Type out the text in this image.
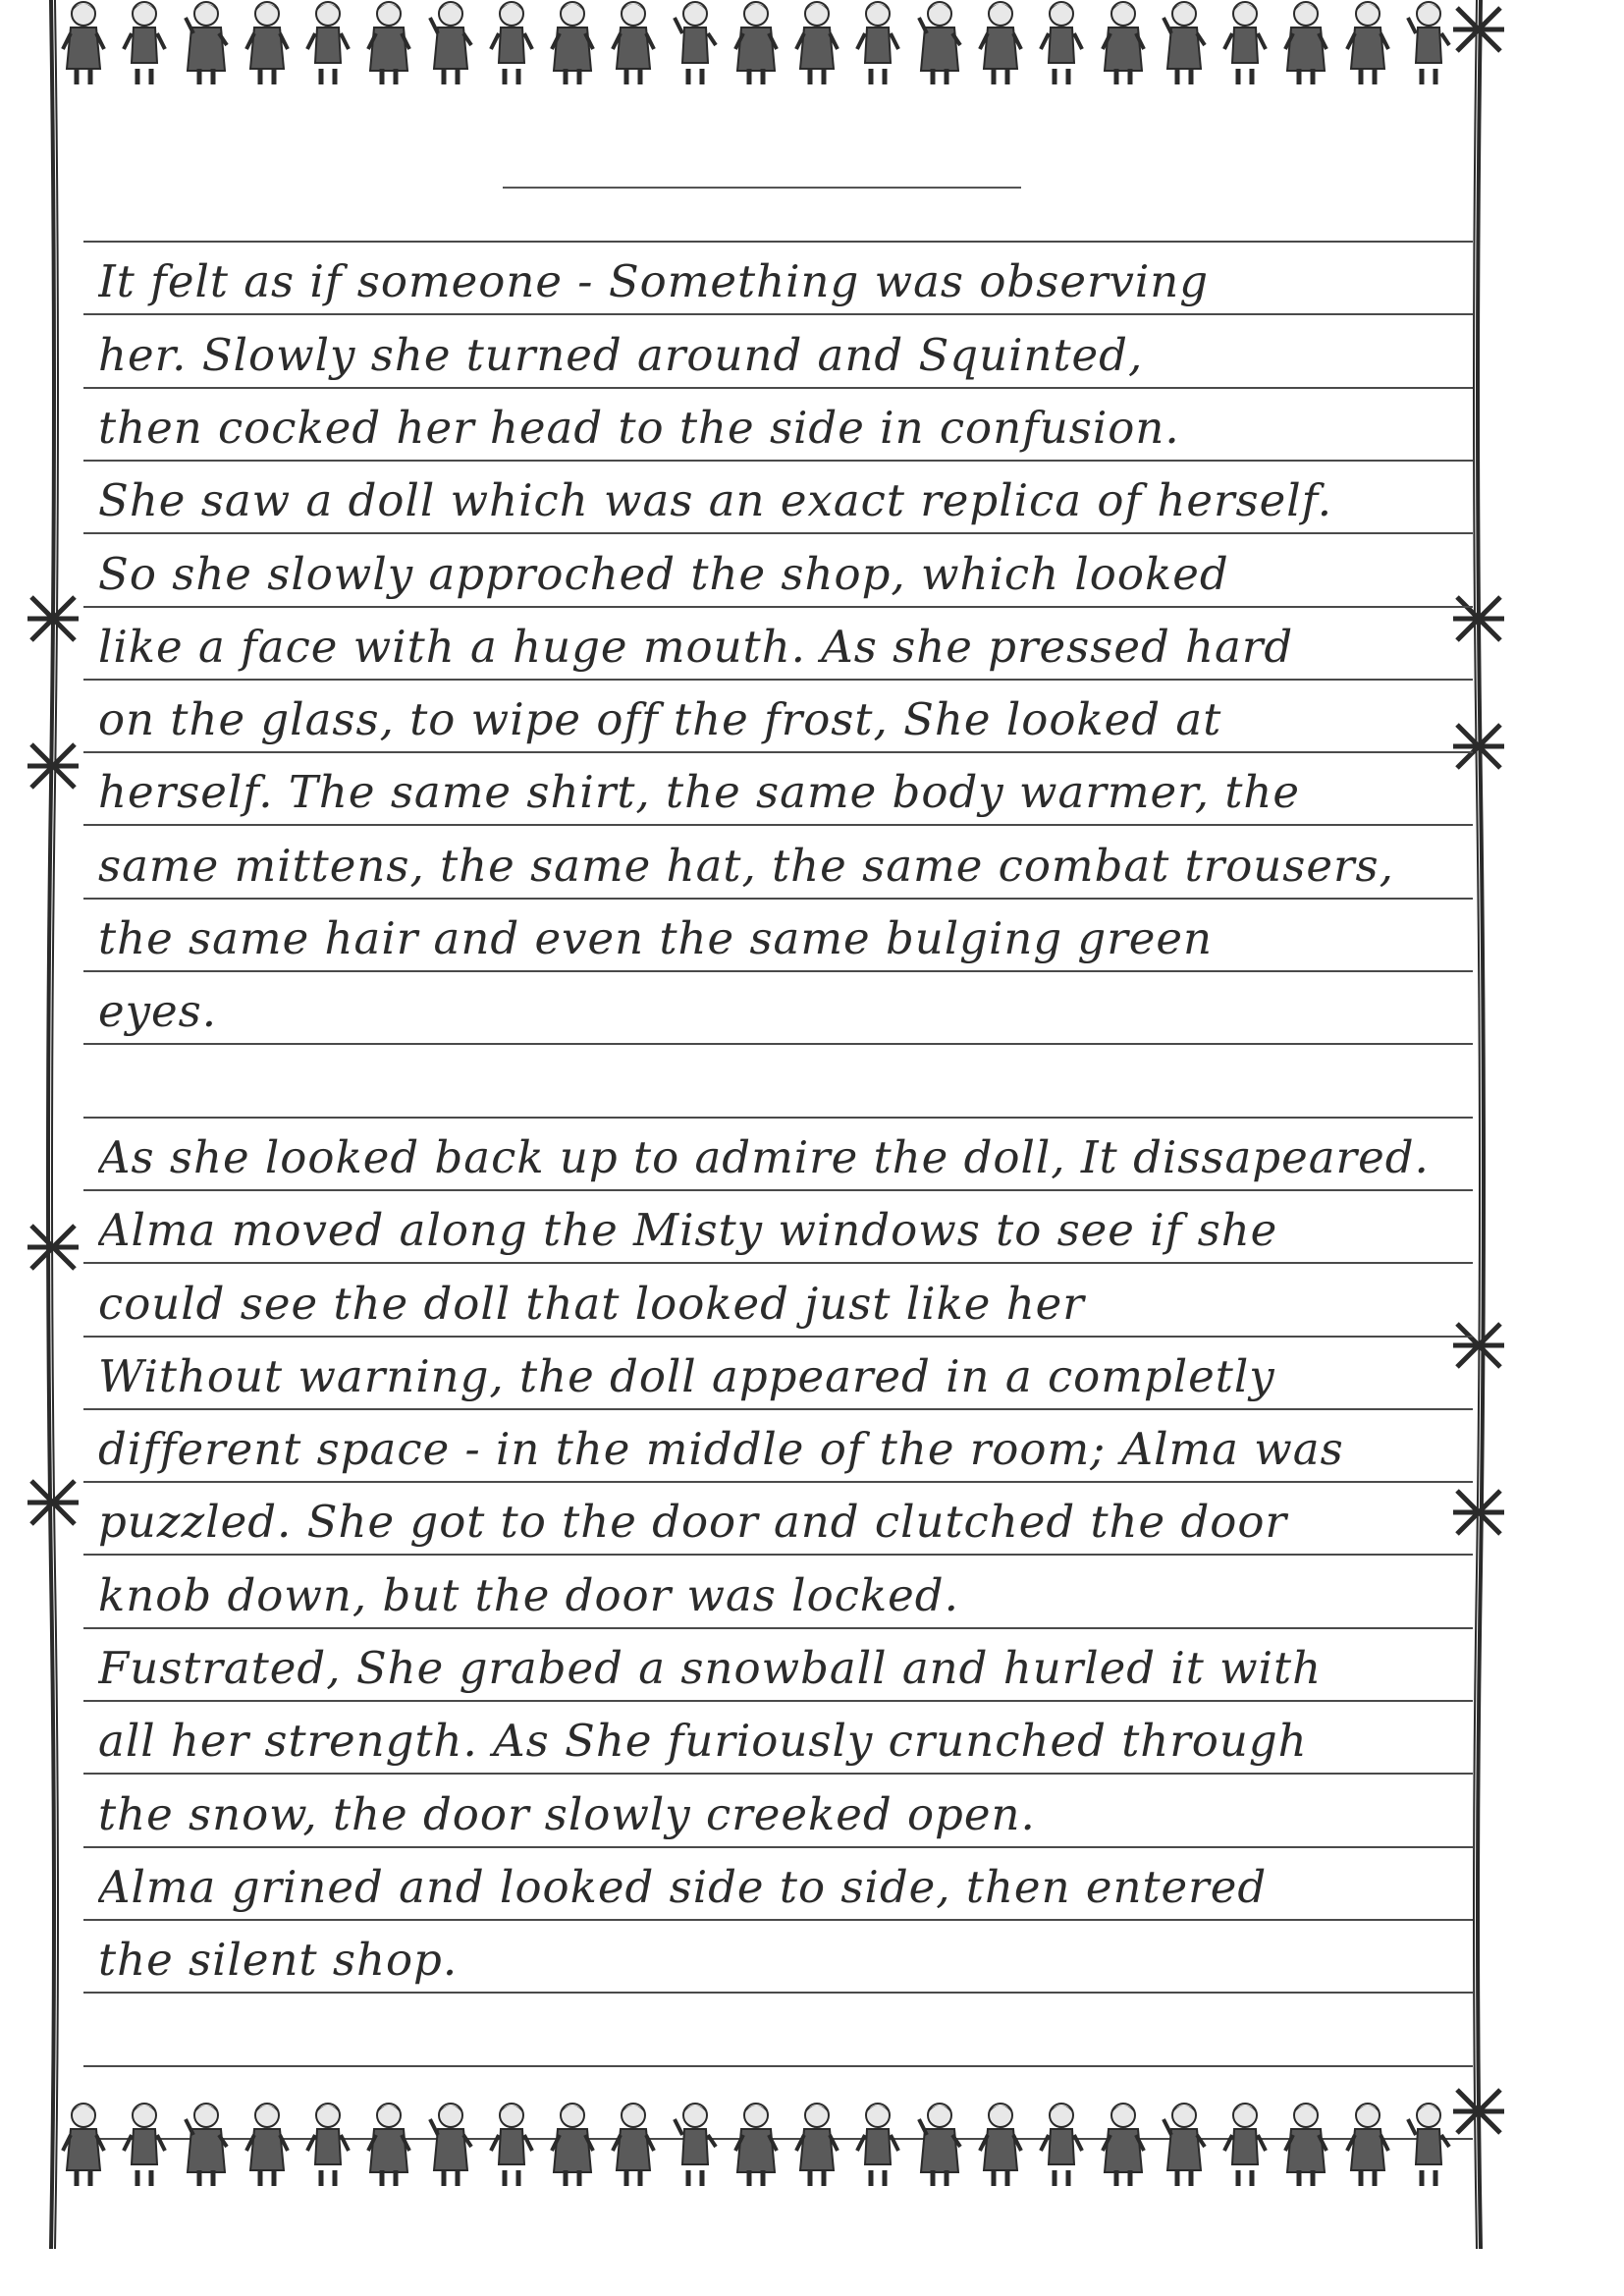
It felt as if someone - Something was observing
her. Slowly she turned around and Squinted,
then cocked her head to the side in confusion.
She saw a doll which was an exact replica of herself.
So she slowly approched the shop, which looked
like a face with a huge mouth. As she pressed hard
on the glass, to wipe off the frost, She looked at
herself. The same shirt, the same body warmer, the
same mittens, the same hat, the same combat trousers,
the same hair and even the same bulging green
eyes.
As she looked back up to admire the doll, It dissapeared.
Alma moved along the Misty windows to see if she
could see the doll that looked just like her
Without warning, the doll appeared in a completly
different space - in the middle of the room; Alma was
puzzled. She got to the door and clutched the door
knob down, but the door was locked.
Fustrated, She grabed a snowball and hurled it with
all her strength. As She furiously crunched through
the snow, the door slowly creeked open.
Alma grined and looked side to side, then entered
the silent shop.
